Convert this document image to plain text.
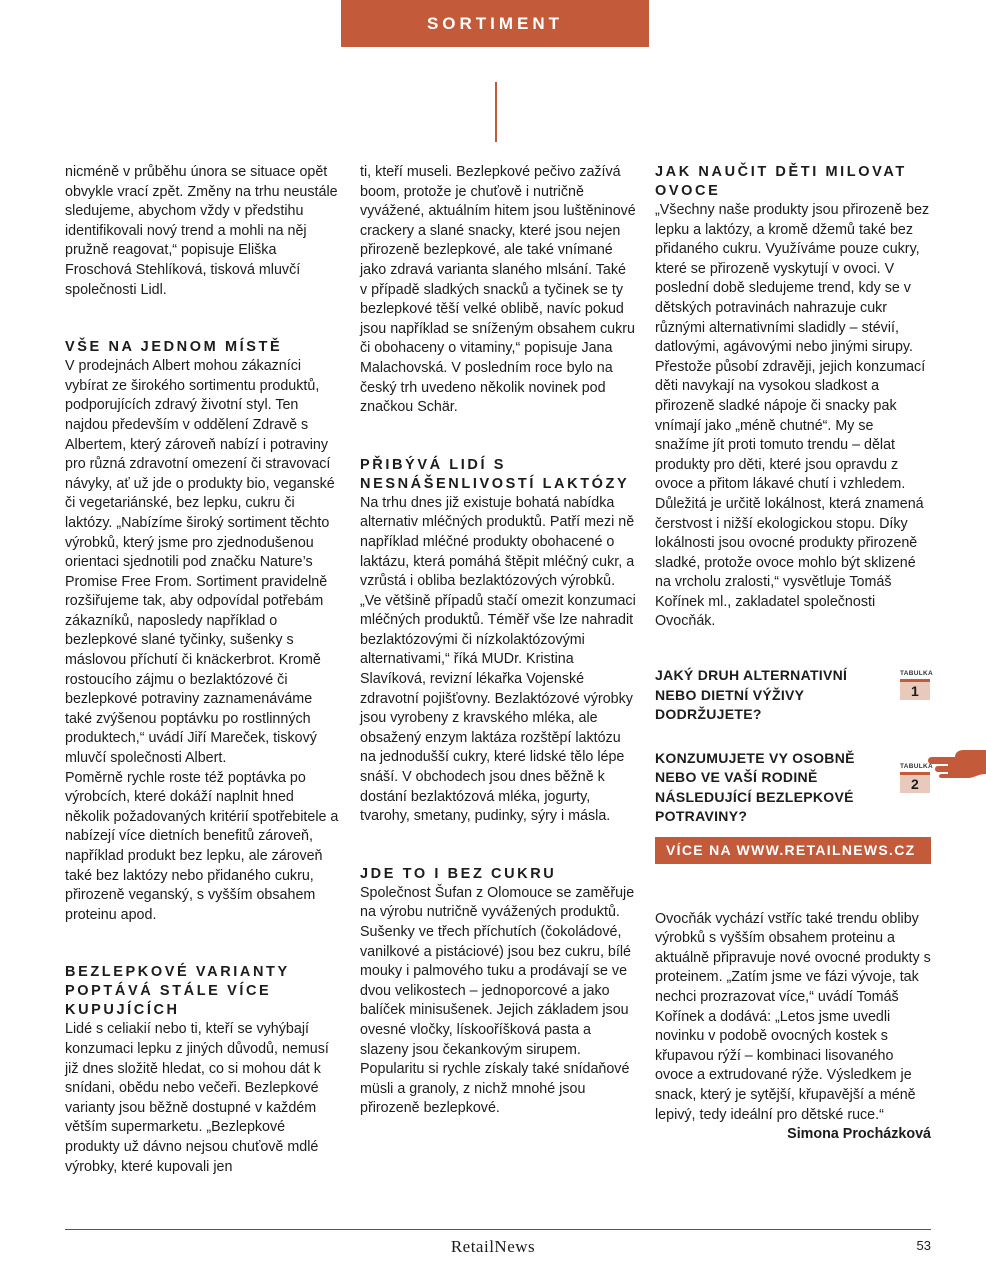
SORTIMENT

nicméně v průběhu února se situace opět obvykle vrací zpět. Změny na trhu neustále sledujeme, abychom vždy v předstihu identifikovali nový trend a mohli na něj pružně reagovat,“ popisuje Eliška Froschová Stehlíková, tisková mluvčí společnosti Lidl.

VŠE NA JEDNOM MÍSTĚ

V prodejnách Albert mohou zákazníci vybírat ze širokého sortimentu produktů, podporujících zdravý životní styl. Ten najdou především v oddělení Zdravě s Albertem, který zároveň nabízí i potraviny pro různá zdravotní omezení či stravovací návyky, ať už jde o produkty bio, veganské či vegetariánské, bez lepku, cukru či laktózy. „Nabízíme široký sortiment těchto výrobků, který jsme pro zjednodušenou orientaci sjednotili pod značku Nature’s Promise Free From. Sortiment pravidelně rozšiřujeme tak, aby odpovídal potřebám zákazníků, naposledy například o bezlepkové slané tyčinky, sušenky s máslovou příchutí či knäckerbrot. Kromě rostoucího zájmu o bezlaktózové či bezlepkové potraviny zaznamenáváme také zvýšenou poptávku po rostlinných produktech,“ uvádí Jiří Mareček, tiskový mluvčí společnosti Albert.

Poměrně rychle roste též poptávka po výrobcích, které dokáží naplnit hned několik požadovaných kritérií spotřebitele a nabízejí více dietních benefitů zároveň, například produkt bez lepku, ale zároveň také bez laktózy nebo přidaného cukru, přirozeně veganský, s vyšším obsahem proteinu apod.

BEZLEPKOVÉ VARIANTY POPTÁVÁ STÁLE VÍCE KUPUJÍCÍCH

Lidé s celiakií nebo ti, kteří se vyhýbají konzumaci lepku z jiných důvodů, nemusí již dnes složitě hledat, co si mohou dát k snídani, obědu nebo večeři. Bezlepkové varianty jsou běžně dostupné v každém větším supermarketu. „Bezlepkové produkty už dávno nejsou chuťově mdlé výrobky, které kupovali jen

ti, kteří museli. Bezlepkové pečivo zažívá boom, protože je chuťově i nutričně vyvážené, aktuálním hitem jsou luštěninové crackery a slané snacky, které jsou nejen přirozeně bezlepkové, ale také vnímané jako zdravá varianta slaného mlsání. Také v případě sladkých snacků a tyčinek se ty bezlepkové těší velké oblibě, navíc pokud jsou například se sníženým obsahem cukru či obohaceny o vitaminy,“ popisuje Jana Malachovská. V posledním roce bylo na český trh uvedeno několik novinek pod značkou Schär.

PŘIBÝVÁ LIDÍ S NESNÁŠENLIVOSTÍ LAKTÓZY

Na trhu dnes již existuje bohatá nabídka alternativ mléčných produktů. Patří mezi ně například mléčné produkty obohacené o laktázu, která pomáhá štěpit mléčný cukr, a vzrůstá i obliba bezlaktózových výrobků. „Ve většině případů stačí omezit konzumaci mléčných produktů. Téměř vše lze nahradit bezlaktózovými či nízkolaktózovými alternativami,“ říká MUDr. Kristina Slavíková, revizní lékařka Vojenské zdravotní pojišťovny. Bezlaktózové výrobky jsou vyrobeny z kravského mléka, ale obsažený enzym laktáza rozštěpí laktózu na jednodušší cukry, které lidské tělo lépe snáší. V obchodech jsou dnes běžně k dostání bezlaktózová mléka, jogurty, tvarohy, smetany, pudinky, sýry i másla.

JDE TO I BEZ CUKRU

Společnost Šufan z Olomouce se zaměřuje na výrobu nutričně vyvážených produktů. Sušenky ve třech příchutích (čokoládové, vanilkové a pistáciové) jsou bez cukru, bílé mouky i palmového tuku a prodávají se ve dvou velikostech – jednoporcové a jako balíček minisušenek. Jejich základem jsou ovesné vločky, lískooříšková pasta a slazeny jsou čekankovým sirupem.

Popularitu si rychle získaly také snídaňové müsli a granoly, z nichž mnohé jsou přirozeně bezlepkové.

JAK NAUČIT DĚTI MILOVAT OVOCE

„Všechny naše produkty jsou přirozeně bez lepku a laktózy, a kromě džemů také bez přidaného cukru. Využíváme pouze cukry, které se přirozeně vyskytují v ovoci. V poslední době sledujeme trend, kdy se v dětských potravinách nahrazuje cukr různými alternativními sladidly – stévií, datlovými, agávovými nebo jinými sirupy. Přestože působí zdravěji, jejich konzumací děti navykají na vysokou sladkost a přirozeně sladké nápoje či snacky pak vnímají jako „méně chutné“. My se snažíme jít proti tomuto trendu – dělat produkty pro děti, které jsou opravdu z ovoce a přitom lákavé chutí i vzhledem. Důležitá je určitě lokálnost, která znamená čerstvost i nižší ekologickou stopu. Díky lokálnosti jsou ovocné produkty přirozeně sladké, protože ovoce mohlo být sklizené na vrcholu zralosti,“ vysvětluje Tomáš Kořínek ml., zakladatel společnosti Ovocňák.

JAKÝ DRUH ALTERNATIVNÍ NEBO DIETNÍ VÝŽIVY DODRŽUJETE?
TABULKA
1
KONZUMUJETE VY OSOBNĚ NEBO VE VAŠÍ RODINĚ NÁSLEDUJÍCÍ BEZLEPKOVÉ POTRAVINY?
TABULKA
2
VÍCE NA WWW.RETAILNEWS.CZ

Ovocňák vychází vstříc také trendu obliby výrobků s vyšším obsahem proteinu a aktuálně připravuje nové ovocné produkty s proteinem. „Zatím jsme ve fázi vývoje, tak nechci prozrazovat více,“ uvádí Tomáš Kořínek a dodává: „Letos jsme uvedli novinku v podobě ovocných kostek s křupavou rýží – kombinaci lisovaného ovoce a extrudované rýže. Výsledkem je snack, který je sytější, křupavější a méně lepivý, tedy ideální pro dětské ruce.“

Simona Procházková

RetailNews	53
